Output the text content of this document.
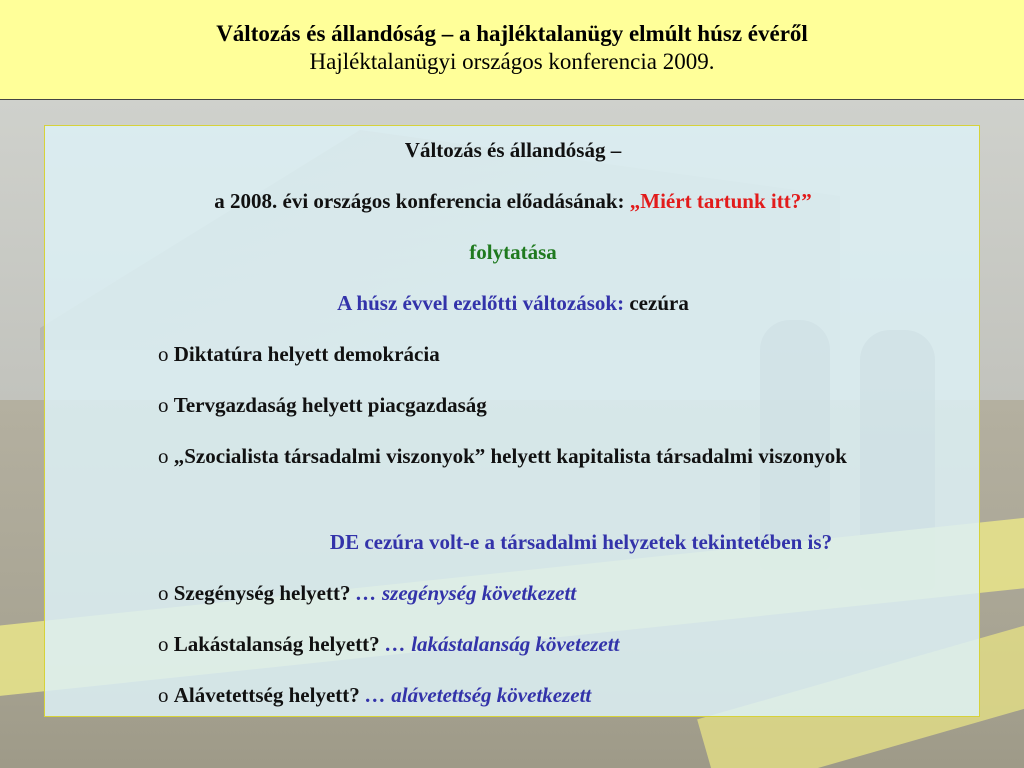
Változás és állandóság – a hajléktalanügy elmúlt húsz évéről
Hajléktalanügyi országos konferencia 2009.
Változás és állandóság –
a 2008. évi országos konferencia előadásának: „Miért tartunk itt?”
folytatása
A húsz évvel ezelőtti változások: cezúra
o Diktatúra helyett demokrácia
o Tervgazdaság helyett piacgazdaság
o „Szocialista társadalmi viszonyok” helyett kapitalista társadalmi viszonyok
DE cezúra volt-e a társadalmi helyzetek tekintetében is?
o Szegénység helyett? … szegénység következett
o Lakástalanság helyett? … lakástalanság követezett
o Alávetettség helyett? … alávetettség következett
